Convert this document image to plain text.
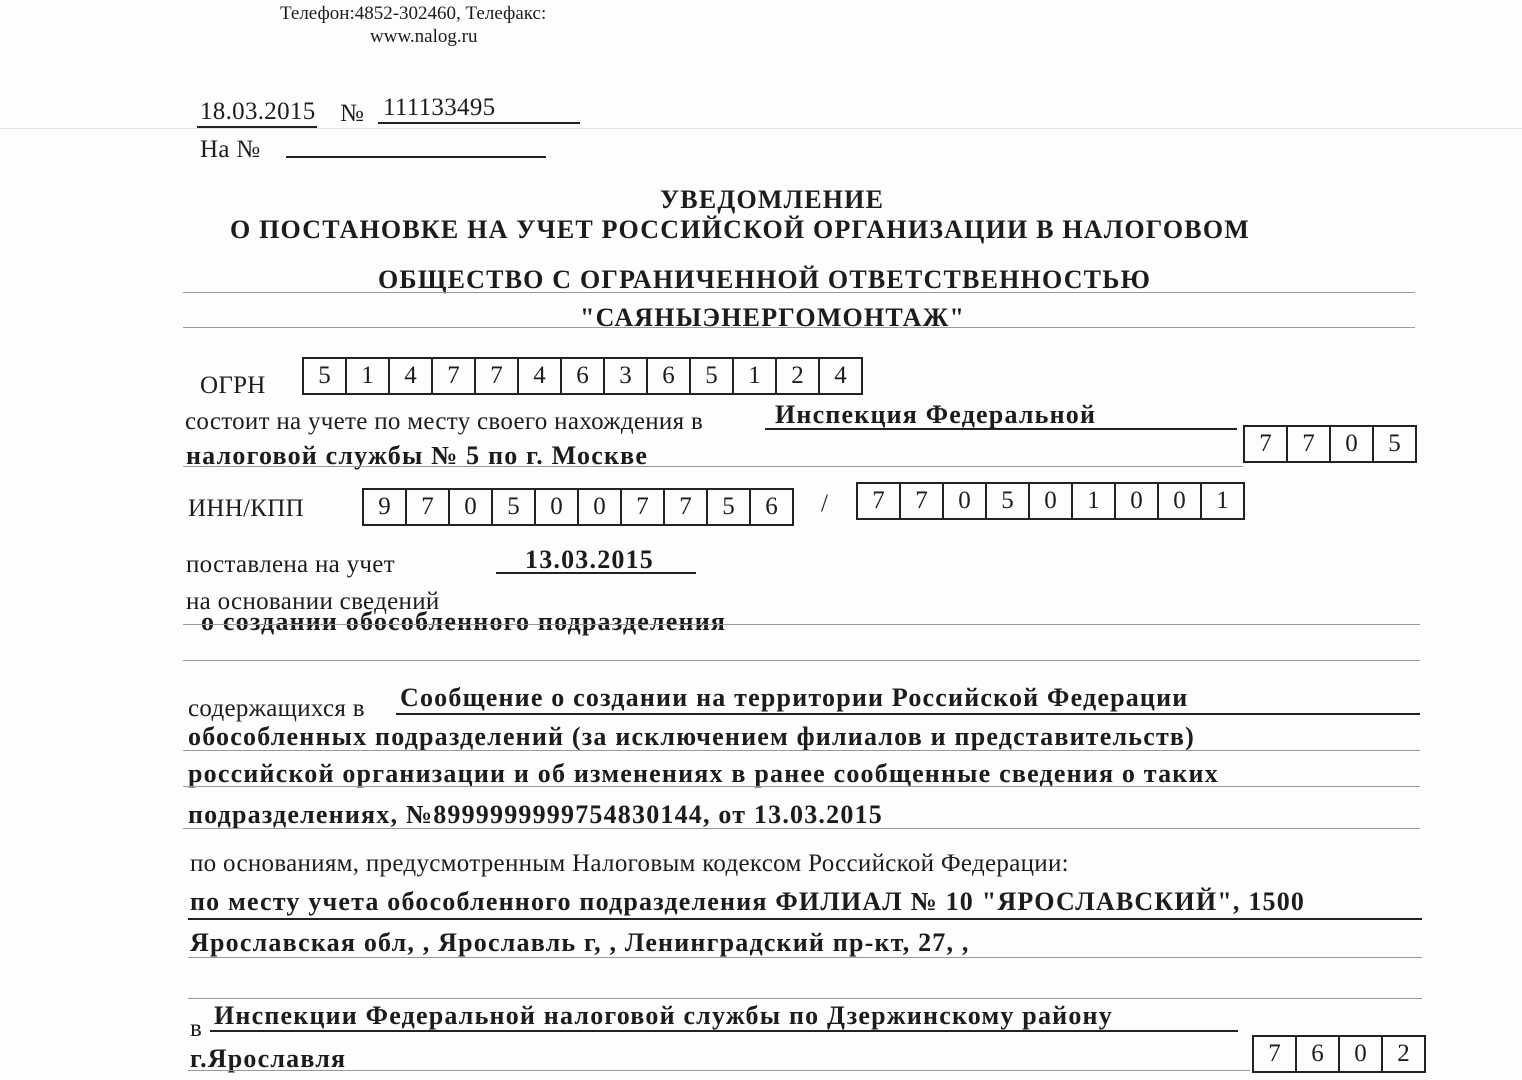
Телефон:4852-302460, Телефакс:
www.nalog.ru
18.03.2015 № 111133495
На №
УВЕДОМЛЕНИЕ
О ПОСТАНОВКЕ НА УЧЕТ РОССИЙСКОЙ ОРГАНИЗАЦИИ В НАЛОГОВОМ
ОБЩЕСТВО С ОГРАНИЧЕННОЙ ОТВЕТСТВЕННОСТЬЮ
"САЯНЫЭНЕРГОМОНТАЖ"
ОГРН	5	1	4	7	7	4	6	3	6	5	1	2	4
состоит на учете по месту своего нахождения в	Инспекция Федеральной
налоговой службы № 5 по г. Москве	7	7	0	5
ИНН/КПП	9	7	0	5	0	0	7	7	5	6	/	7	7	0	5	0	1	0	0	1
поставлена на учет	13.03.2015
на основании сведений
о создании обособленного подразделения
содержащихся в Сообщение о создании на территории Российской Федерации
обособленных подразделений (за исключением филиалов и представительств)
российской организации и об изменениях в ранее сообщенные сведения о таких
подразделениях, №8999999999754830144, от 13.03.2015
по основаниям, предусмотренным Налоговым кодексом Российской Федерации:
по месту учета обособленного подразделения ФИЛИАЛ № 10 "ЯРОСЛАВСКИЙ", 1500
Ярославская обл, , Ярославль г, , Ленинградский пр-кт, 27, ,
в Инспекции Федеральной налоговой службы по Дзержинскому району
г.Ярославля	7	6	0	2
